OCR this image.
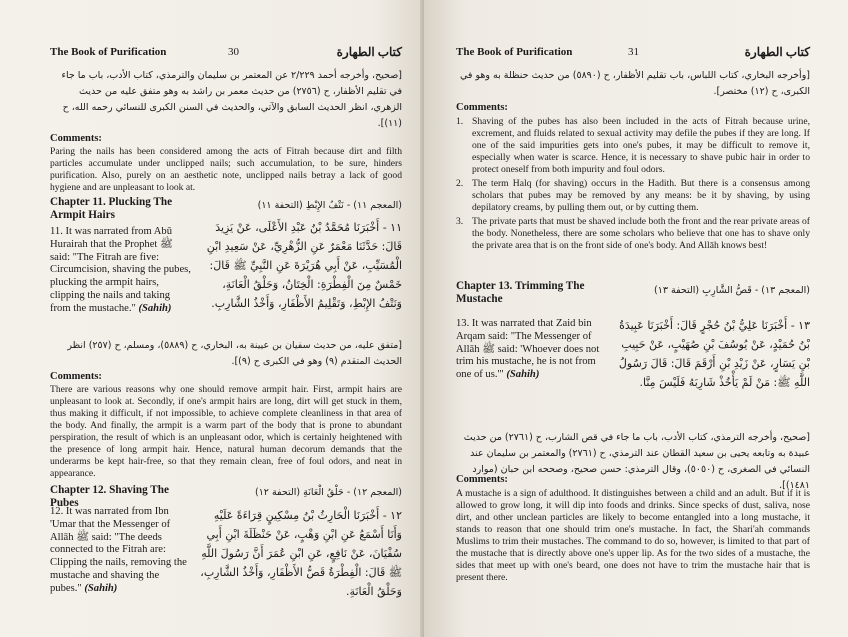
The Book of Purification	30	كتاب الطهارة
[صحيح، وأخرجه أحمد ٢/٢٢٩ عن المعتمر بن سليمان والترمذي، كتاب الأدب، باب ما جاء في تقليم الأظفار، ح (٢٧٥٦) من حديث معمر بن راشد به وهو متفق عليه من حديث الزهري، انظر الحديث السابق والآتي، والحديث في السنن الكبرى للنسائي رحمه الله، ح (١١)].
Comments:
Paring the nails has been considered among the acts of Fitrah because dirt and filth particles accumulate under unclipped nails; such accumulation, to be sure, hinders purification. Also, purely on an aesthetic note, unclipped nails betray a lack of good hygiene and are unpleasant to look at.
Chapter 11. Plucking The Armpit Hairs
(المعجم ١١) - نَتْفُ الإِبْطِ (التحفة ١١)
11. It was narrated from Abū Hurairah that the Prophet ﷺ said: "The Fitrah are five: Circumcision, shaving the pubes, plucking the armpit hairs, clipping the nails and taking from the mustache." (Sahih)
١١ - أَخْبَرَنَا مُحَمَّدُ بْنُ عَبْدِ الأَعْلَى، عَنْ يَزِيدَ قَالَ: حَدَّثَنَا مَعْمَرٌ عَنِ الزُّهْرِيِّ، عَنْ سَعِيدِ ابْنِ الْمُسَيِّبِ، عَنْ أَبِي هُرَيْرَةَ عَنِ النَّبِيِّ ﷺ قَالَ: خَمْسٌ مِنَ الْفِطْرَةِ: الْخِتَانُ، وَحَلْقُ الْعَانَةِ، وَنَتْفُ الإِبْطِ، وَتَقْلِيمُ الأَظْفَارِ، وَأَخْذُ الشَّارِبِ.
[متفق عليه، من حديث سفيان بن عيينة به، البخاري، ح (٥٨٨٩)، ومسلم، ح (٢٥٧) انظر الحديث المتقدم (٩) وهو في الكبرى ح (٩)].
Comments:
There are various reasons why one should remove armpit hair. First, armpit hairs are unpleasant to look at. Secondly, if one's armpit hairs are long, dirt will get stuck in them, thus making it difficult, if not impossible, to achieve complete cleanliness in that area of the body. And finally, the armpit is a warm part of the body that is prone to abundant perspiration, the result of which is an unpleasant odor, which is certainly heightened with the presence of long armpit hair. Hence, natural human decorum demands that the underarms be kept hair-free, so that they remain clean, free of foul odors, and neat in appearance.
Chapter 12. Shaving The Pubes
(المعجم ١٢) - حَلْقُ الْعَانَةِ (التحفة ١٢)
12. It was narrated from Ibn 'Umar that the Messenger of Allāh ﷺ said: "The deeds connected to the Fitrah are: Clipping the nails, removing the mustache and shaving the pubes." (Sahih)
١٢ - أَخْبَرَنَا الْحَارِثُ بْنُ مِسْكِينٍ قِرَاءَةً عَلَيْهِ وَأَنَا أَسْمَعُ عَنِ ابْنِ وَهْبٍ، عَنْ حَنْظَلَةَ ابْنِ أَبِي سُفْيَانَ، عَنْ نَافِعٍ، عَنِ ابْنِ عُمَرَ أَنَّ رَسُولَ اللَّهِ ﷺ قَالَ: الْفِطْرَةُ قَصُّ الأَظْفَارِ، وَأَخْذُ الشَّارِبِ، وَحَلْقُ الْعَانَةِ.
The Book of Purification	31	كتاب الطهارة
[وأخرجه البخاري، كتاب اللباس، باب تقليم الأظفار، ح (٥٨٩٠) من حديث حنظلة به وهو في الكبرى، ح (١٢) مختصر].
Comments:
1. Shaving of the pubes has also been included in the acts of Fitrah because urine, excrement, and fluids related to sexual activity may defile the pubes if they are long. If one of the said impurities gets into one's pubes, it may be difficult to remove it, especially when water is scarce. Hence, it is necessary to shave pubic hair in order to protect oneself from both impurity and foul odors.
2. The term Halq (for shaving) occurs in the Hadith. But there is a consensus among scholars that pubes may be removed by any means: be it by shaving, by using depilatory creams, by pulling them out, or by cutting them.
3. The private parts that must be shaved include both the front and the rear private areas of the body. Nonetheless, there are some scholars who believe that one has to shave only the private area that is on the front side of one's body. And Allāh knows best!
Chapter 13. Trimming The Mustache
(المعجم ١٣) - قَصُّ الشَّارِبِ (التحفة ١٣)
13. It was narrated that Zaid bin Arqam said: "The Messenger of Allāh ﷺ said: 'Whoever does not trim his mustache, he is not from one of us.'" (Sahih)
١٣ - أَخْبَرَنَا عَلِيُّ بْنُ حُجْرٍ قَالَ: أَخْبَرَنَا عَبِيدَةُ بْنُ حُمَيْدٍ، عَنْ يُوسُفَ بْنِ صُهَيْبٍ، عَنْ حَبِيبِ بْنِ يَسَارٍ، عَنْ زَيْدِ بْنِ أَرْقَمَ قَالَ: قَالَ رَسُولُ اللَّهِ ﷺ: مَنْ لَمْ يَأْخُذْ شَارِبَهُ فَلَيْسَ مِنَّا.
[صحيح، وأخرجه الترمذي، كتاب الأدب، باب ما جاء في قص الشارب، ح (٢٧٦١) من حديث عبيدة به وتابعه يحيى بن سعيد القطان عند الترمذي، ح (٢٧٦١) والمعتمر بن سليمان عند النسائي في الصغرى، ح (٥٠٥٠)، وقال الترمذي: حسن صحيح، وصححه ابن حبان (موارد ١٤٨١)].
Comments:
A mustache is a sign of adulthood. It distinguishes between a child and an adult. But if it is allowed to grow long, it will dip into foods and drinks. Since specks of dust, saliva, nose dirt, and other unclean particles are likely to become entangled into a long mustache, it stands to reason that one should trim one's mustache. In fact, the Shari'ah commands Muslims to trim their mustaches. The command to do so, however, is limited to that part of the mustache that is directly above one's upper lip. As for the two sides of a mustache, the sides that meet up with one's beard, one does not have to trim the mustache hair that is present there.
